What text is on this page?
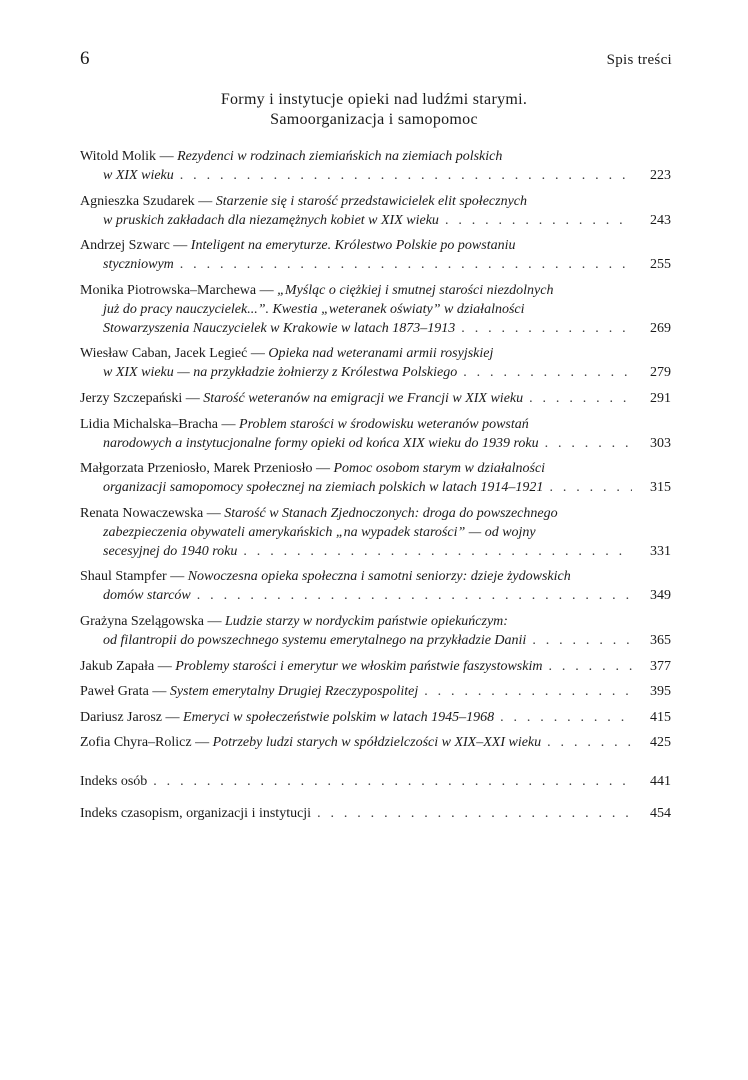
6	Spis treści
Formy i instytucje opieki nad ludźmi starymi.
Samoorganizacja i samopomoc
Witold Molik — Rezydenci w rodzinach ziemiańskich na ziemiach polskich
w XIX wieku . . .	223
Agnieszka Szudarek — Starzenie się i starość przedstawicielek elit społecznych
w pruskich zakładach dla niezamężnych kobiet w XIX wieku . . .	243
Andrzej Szwarc — Inteligent na emeryturze. Królestwo Polskie po powstaniu
styczniowym . . .	255
Monika Piotrowska–Marchewa — „Myśląc o ciężkiej i smutnej starości niezdolnych
już do pracy nauczycielek...”. Kwestia „weteranek oświaty” w działalności
Stowarzyszenia Nauczycielek w Krakowie w latach 1873–1913 . . .	269
Wiesław Caban, Jacek Legieć — Opieka nad weteranami armii rosyjskiej
w XIX wieku — na przykładzie żołnierzy z Królestwa Polskiego . . .	279
Jerzy Szczepański — Starość weteranów na emigracji we Francji w XIX wieku . . .	291
Lidia Michalska–Bracha — Problem starości w środowisku weteranów powstań
narodowych a instytucjonalne formy opieki od końca XIX wieku do 1939 roku . . .	303
Małgorzata Przeniosło, Marek Przeniosło — Pomoc osobom starym w działalności
organizacji samopomocy społecznej na ziemiach polskich w latach 1914–1921 . . .	315
Renata Nowaczewska — Starość w Stanach Zjednoczonych: droga do powszechnego
zabezpieczenia obywateli amerykańskich „na wypadek starości” — od wojny
secesyjnej do 1940 roku . . .	331
Shaul Stampfer — Nowoczesna opieka społeczna i samotni seniorzy: dzieje żydowskich
domów starców . . .	349
Grażyna Szelągowska — Ludzie starzy w nordyckim państwie opiekuńczym:
od filantropii do powszechnego systemu emerytalnego na przykładzie Danii . . .	365
Jakub Zapała — Problemy starości i emerytur we włoskim państwie faszystowskim . . .	377
Paweł Grata — System emerytalny Drugiej Rzeczypospolitej . . .	395
Dariusz Jarosz — Emeryci w społeczeństwie polskim w latach 1945–1968 . . .	415
Zofia Chyra–Rolicz — Potrzeby ludzi starych w spółdzielczości w XIX–XXI wieku . . .	425
Indeks osób . . .	441
Indeks czasopism, organizacji i instytucji . . .	454
